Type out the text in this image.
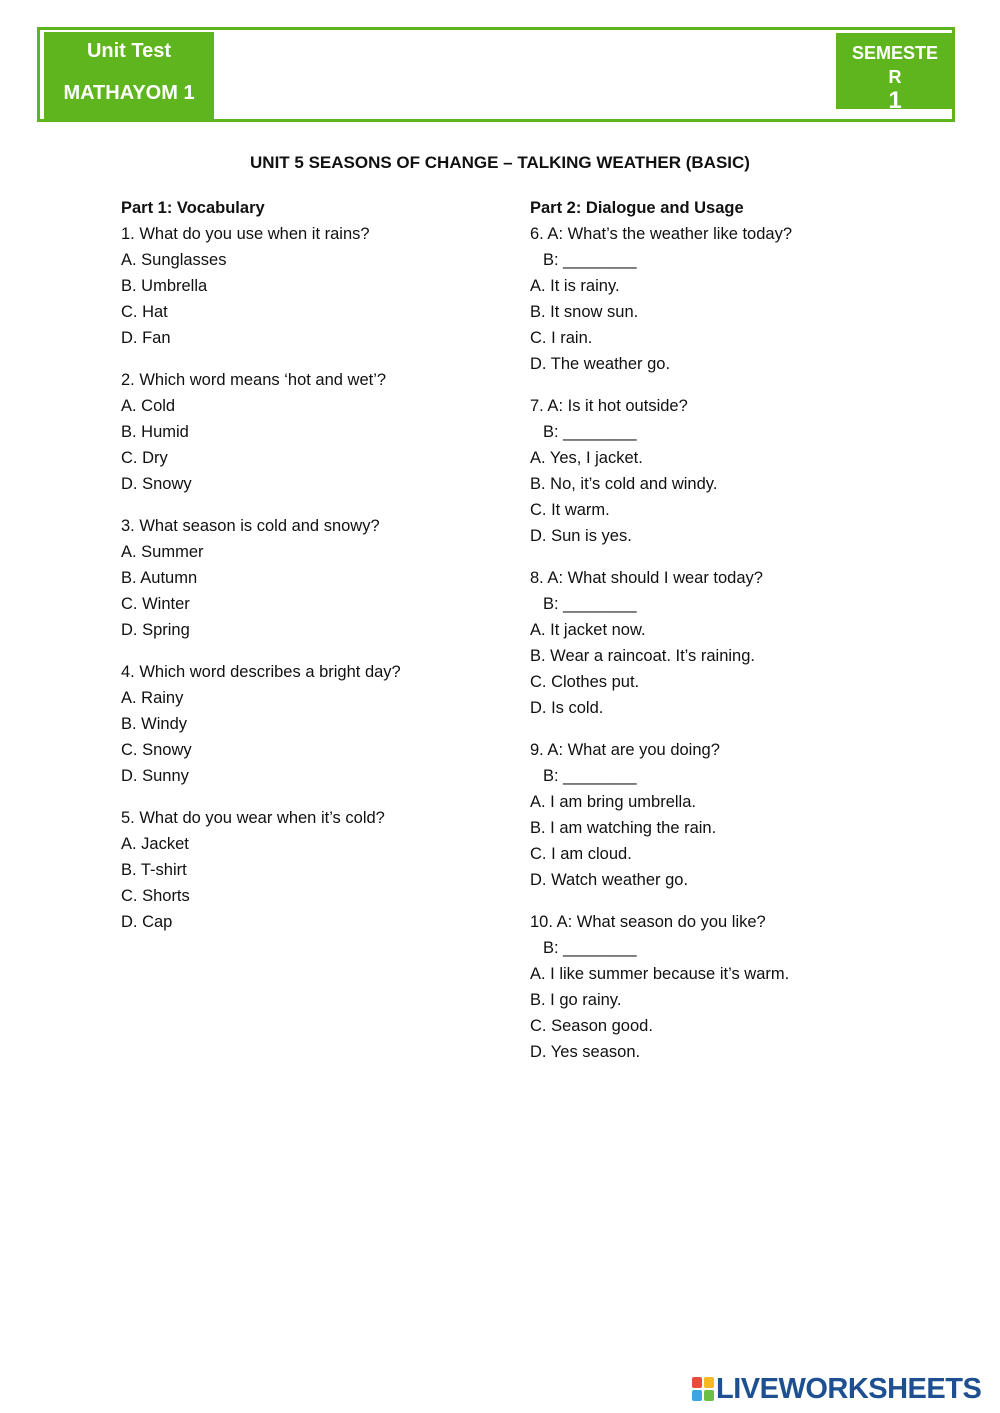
Unit Test
MATHAYOM 1
SEMESTE
R
1
UNIT 5 SEASONS OF CHANGE – TALKING WEATHER (BASIC)
Part 1: Vocabulary
1. What do you use when it rains?
A. Sunglasses
B. Umbrella
C. Hat
D. Fan
2. Which word means ‘hot and wet’?
A. Cold
B. Humid
C. Dry
D. Snowy
3. What season is cold and snowy?
A. Summer
B. Autumn
C. Winter
D. Spring
4. Which word describes a bright day?
A. Rainy
B. Windy
C. Snowy
D. Sunny
5. What do you wear when it’s cold?
A. Jacket
B. T-shirt
C. Shorts
D. Cap
Part 2: Dialogue and Usage
6. A: What’s the weather like today?
B: ________
A. It is rainy.
B. It snow sun.
C. I rain.
D. The weather go.
7. A: Is it hot outside?
B: ________
A. Yes, I jacket.
B. No, it’s cold and windy.
C. It warm.
D. Sun is yes.
8. A: What should I wear today?
B: ________
A. It jacket now.
B. Wear a raincoat. It’s raining.
C. Clothes put.
D. Is cold.
9. A: What are you doing?
B: ________
A. I am bring umbrella.
B. I am watching the rain.
C. I am cloud.
D. Watch weather go.
10. A: What season do you like?
B: ________
A. I like summer because it’s warm.
B. I go rainy.
C. Season good.
D. Yes season.
LIVEWORKSHEETS
